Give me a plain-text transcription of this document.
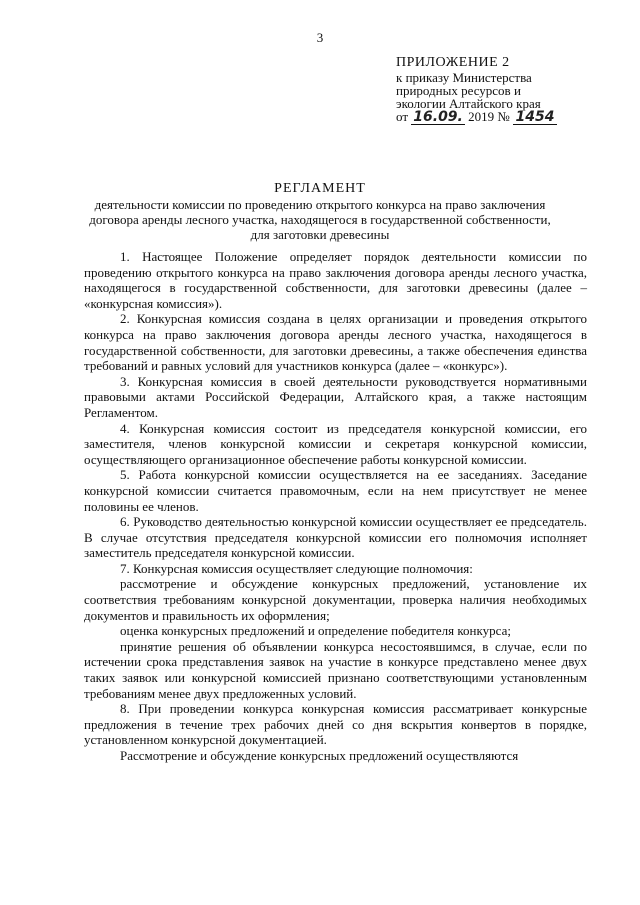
3
ПРИЛОЖЕНИЕ 2
к приказу Министерства
природных ресурсов и
экологии Алтайского края
от 16.09. 2019 № 1454
РЕГЛАМЕНТ
деятельности комиссии по проведению открытого конкурса на право заключения договора аренды лесного участка, находящегося в государственной собственности, для заготовки древесины

1. Настоящее Положение определяет порядок деятельности комиссии по проведению открытого конкурса на право заключения договора аренды лесного участка, находящегося в государственной собственности, для заготовки древесины (далее – «конкурсная комиссия»).

2. Конкурсная комиссия создана в целях организации и проведения открытого конкурса на право заключения договора аренды лесного участка, находящегося в государственной собственности, для заготовки древесины, а также обеспечения единства требований и равных условий для участников конкурса (далее – «конкурс»).

3. Конкурсная комиссия в своей деятельности руководствуется нормативными правовыми актами Российской Федерации, Алтайского края, а также настоящим Регламентом.

4. Конкурсная комиссия состоит из председателя конкурсной комиссии, его заместителя, членов конкурсной комиссии и секретаря конкурсной комиссии, осуществляющего организационное обеспечение работы конкурсной комиссии.

5. Работа конкурсной комиссии осуществляется на ее заседаниях. Заседание конкурсной комиссии считается правомочным, если на нем присутствует не менее половины ее членов.

6. Руководство деятельностью конкурсной комиссии осуществляет ее председатель. В случае отсутствия председателя конкурсной комиссии его полномочия исполняет заместитель председателя конкурсной комиссии.

7. Конкурсная комиссия осуществляет следующие полномочия:

рассмотрение и обсуждение конкурсных предложений, установление их соответствия требованиям конкурсной документации, проверка наличия необходимых документов и правильность их оформления;

оценка конкурсных предложений и определение победителя конкурса;

принятие решения об объявлении конкурса несостоявшимся, в случае, если по истечении срока представления заявок на участие в конкурсе представлено менее двух таких заявок или конкурсной комиссией признано соответствующими установленным требованиям менее двух предложенных условий.

8. При проведении конкурса конкурсная комиссия рассматривает конкурсные предложения в течение трех рабочих дней со дня вскрытия конвертов в порядке, установленном конкурсной документацией.

Рассмотрение и обсуждение конкурсных предложений осуществляются
